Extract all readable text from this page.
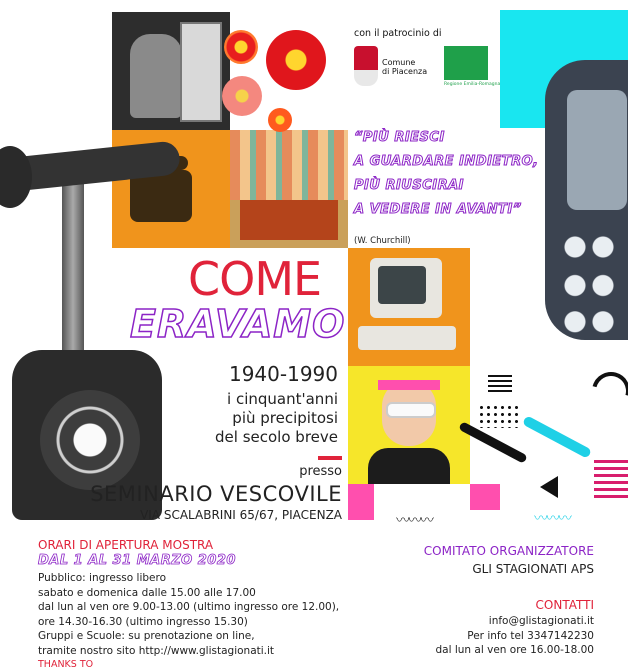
〰〰〰	〰〰〰
con il patrocinio di
Comune
di Piacenza
Regione Emilia-Romagna
“PIÙ RIESCI
A GUARDARE INDIETRO,
PIÙ RIUSCIRAI
A VEDERE IN AVANTI”
(W. Churchill)
COME
ERAVAMO
1940-1990
i cinquant'anni
più precipitosi
del secolo breve
presso
SEMINARIO VESCOVILE
VIA SCALABRINI 65/67, PIACENZA
ORARI DI APERTURA MOSTRA
DAL 1 AL 31 MARZO 2020
Pubblico: ingresso libero
sabato e domenica dalle 15.00 alle 17.00
dal lun al ven ore 9.00-13.00 (ultimo ingresso ore 12.00),
ore 14.30-16.30 (ultimo ingresso 15.30)
Gruppi e Scuole: su prenotazione on line,
tramite nostro sito http://www.glistagionati.it
THANKS TO
COMITATO ORGANIZZATORE
GLI STAGIONATI APS
CONTATTI
info@glistagionati.it
Per info tel 3347142230
dal lun al ven ore 16.00-18.00
